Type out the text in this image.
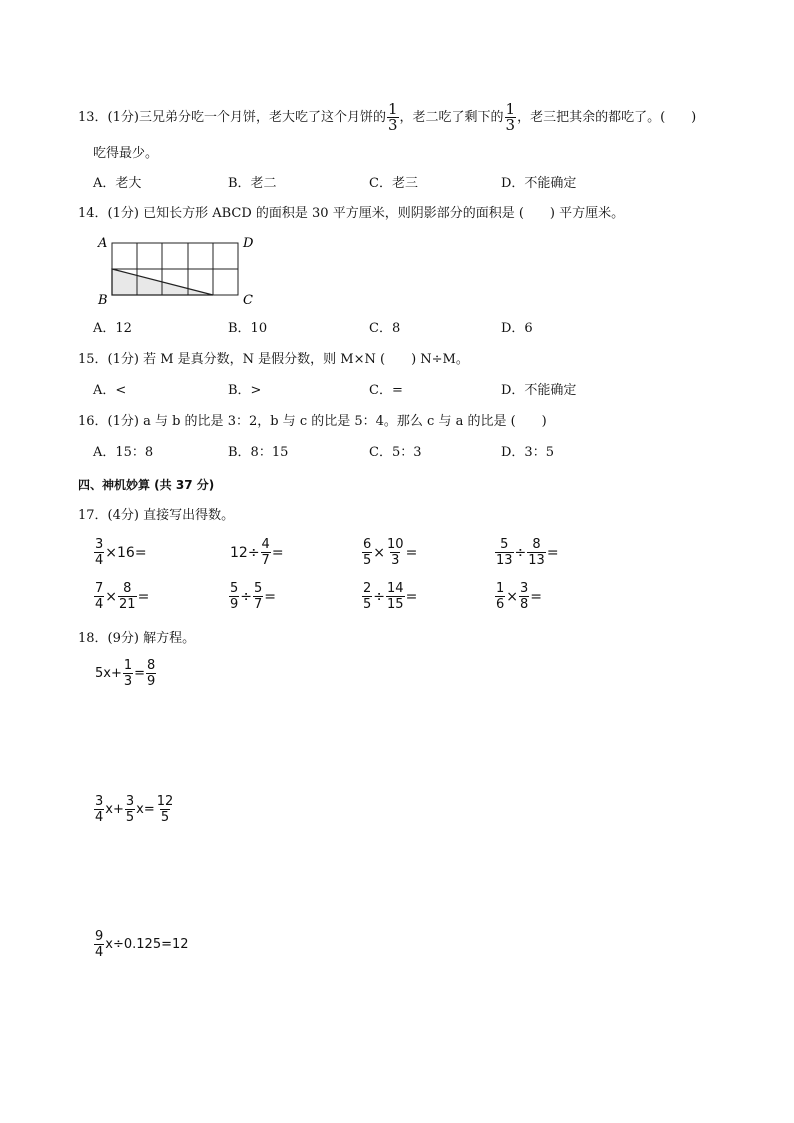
13．(1分)三兄弟分吃一个月饼，老大吃了这个月饼的 $\frac{1}{3}$ ，老二吃了剩下的 $\frac{1}{3}$ ，老三把其余的都吃了。(　　)
吃得最少。
A．老大	B．老二	C．老三	D．不能确定
14．(1分) 已知长方形 ABCD 的面积是 30 平方厘米，则阴影部分的面积是 (　　) 平方厘米。
A	D
B	C
A．12	B．10	C．8	D．6
15．(1分) 若 M 是真分数，N 是假分数，则 M×N (　　) N÷M。
A．<	B．>	C．=	D．不能确定
16．(1分) a 与 b 的比是 3：2，b 与 c 的比是 5：4。那么 c 与 a 的比是 (　　)
A．15：8	B．8：15	C．5：3	D．3：5
四、神机妙算 (共 37 分)
17．(4分) 直接写出得数。
$\frac{3}{4} \times 16=$	$12\div \frac{4}{7}$ =	$\frac{6}{5} \times \frac{10}{3}$ =	$\frac{5}{13} \div \frac{8}{13}$ =
$\frac{7}{4} \times \frac{8}{21}$ =	$\frac{5}{9} \div \frac{5}{7}$ =	$\frac{2}{5} \div \frac{14}{15}$ =	$\frac{1}{6} \times \frac{3}{8}$ =
18．(9分) 解方程。
$5x+ \frac{1}{3} = \frac{8}{9}$
$\frac{3}{4} x+ \frac{3}{5} x= \frac{12}{5}$
$\frac{9}{4} x\div 0.125=12$
